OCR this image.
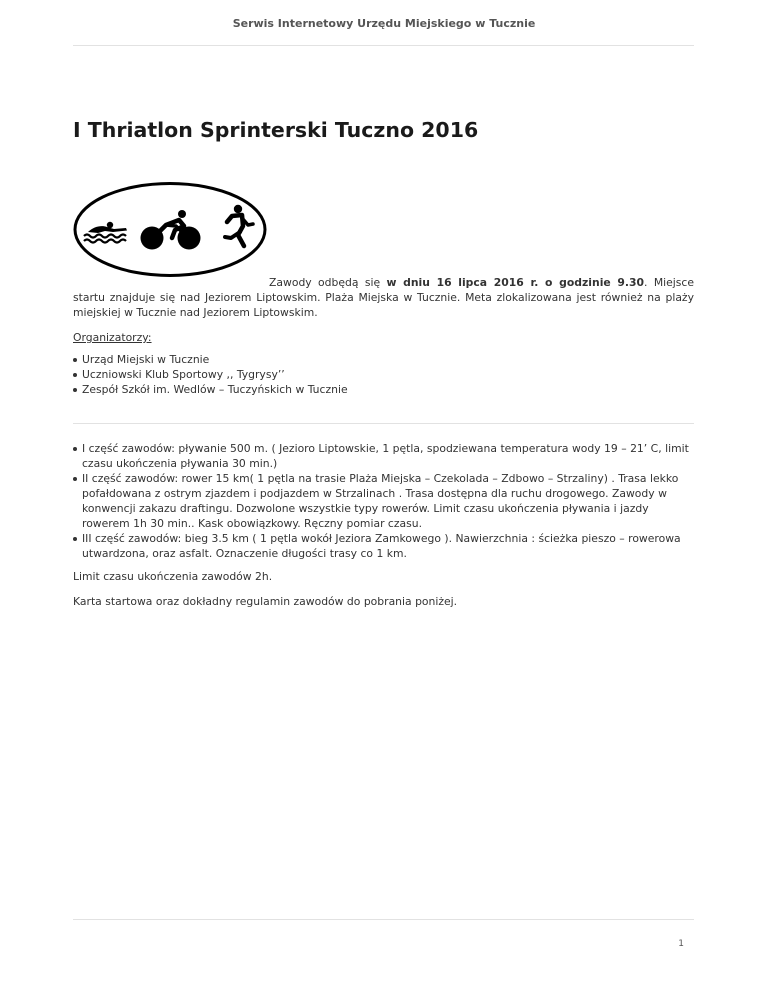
Serwis Internetowy Urzędu Miejskiego w Tucznie
I Thriatlon Sprinterski Tuczno 2016

Zawody odbędą się w dniu 16 lipca 2016 r. o godzinie 9.30. Miejsce startu znajduje się nad Jeziorem Liptowskim. Plaża Miejska w Tucznie. Meta zlokalizowana jest również na plaży miejskiej w Tucznie nad Jeziorem Liptowskim.

Organizatorzy:

Urząd Miejski w Tucznie
Uczniowski Klub Sportowy ,, Tygrysy’’
Zespół Szkół im. Wedlów – Tuczyńskich w Tucznie
I część zawodów: pływanie 500 m. ( Jezioro Liptowskie, 1 pętla, spodziewana temperatura wody 19 – 21’ C, limit czasu ukończenia pływania 30 min.)
II część zawodów: rower 15 km( 1 pętla na trasie Plaża Miejska – Czekolada – Zdbowo – Strzaliny) . Trasa lekko pofałdowana z ostrym zjazdem i podjazdem w Strzalinach . Trasa dostępna dla ruchu drogowego. Zawody w konwencji zakazu draftingu. Dozwolone wszystkie typy rowerów. Limit czasu ukończenia pływania i jazdy rowerem 1h 30 min.. Kask obowiązkowy. Ręczny pomiar czasu.
III część zawodów: bieg 3.5 km ( 1 pętla wokół Jeziora Zamkowego ). Nawierzchnia : ścieżka pieszo – rowerowa utwardzona, oraz asfalt. Oznaczenie długości trasy co 1 km.

Limit czasu ukończenia zawodów 2h.

Karta startowa oraz dokładny regulamin zawodów do pobrania poniżej.

1
